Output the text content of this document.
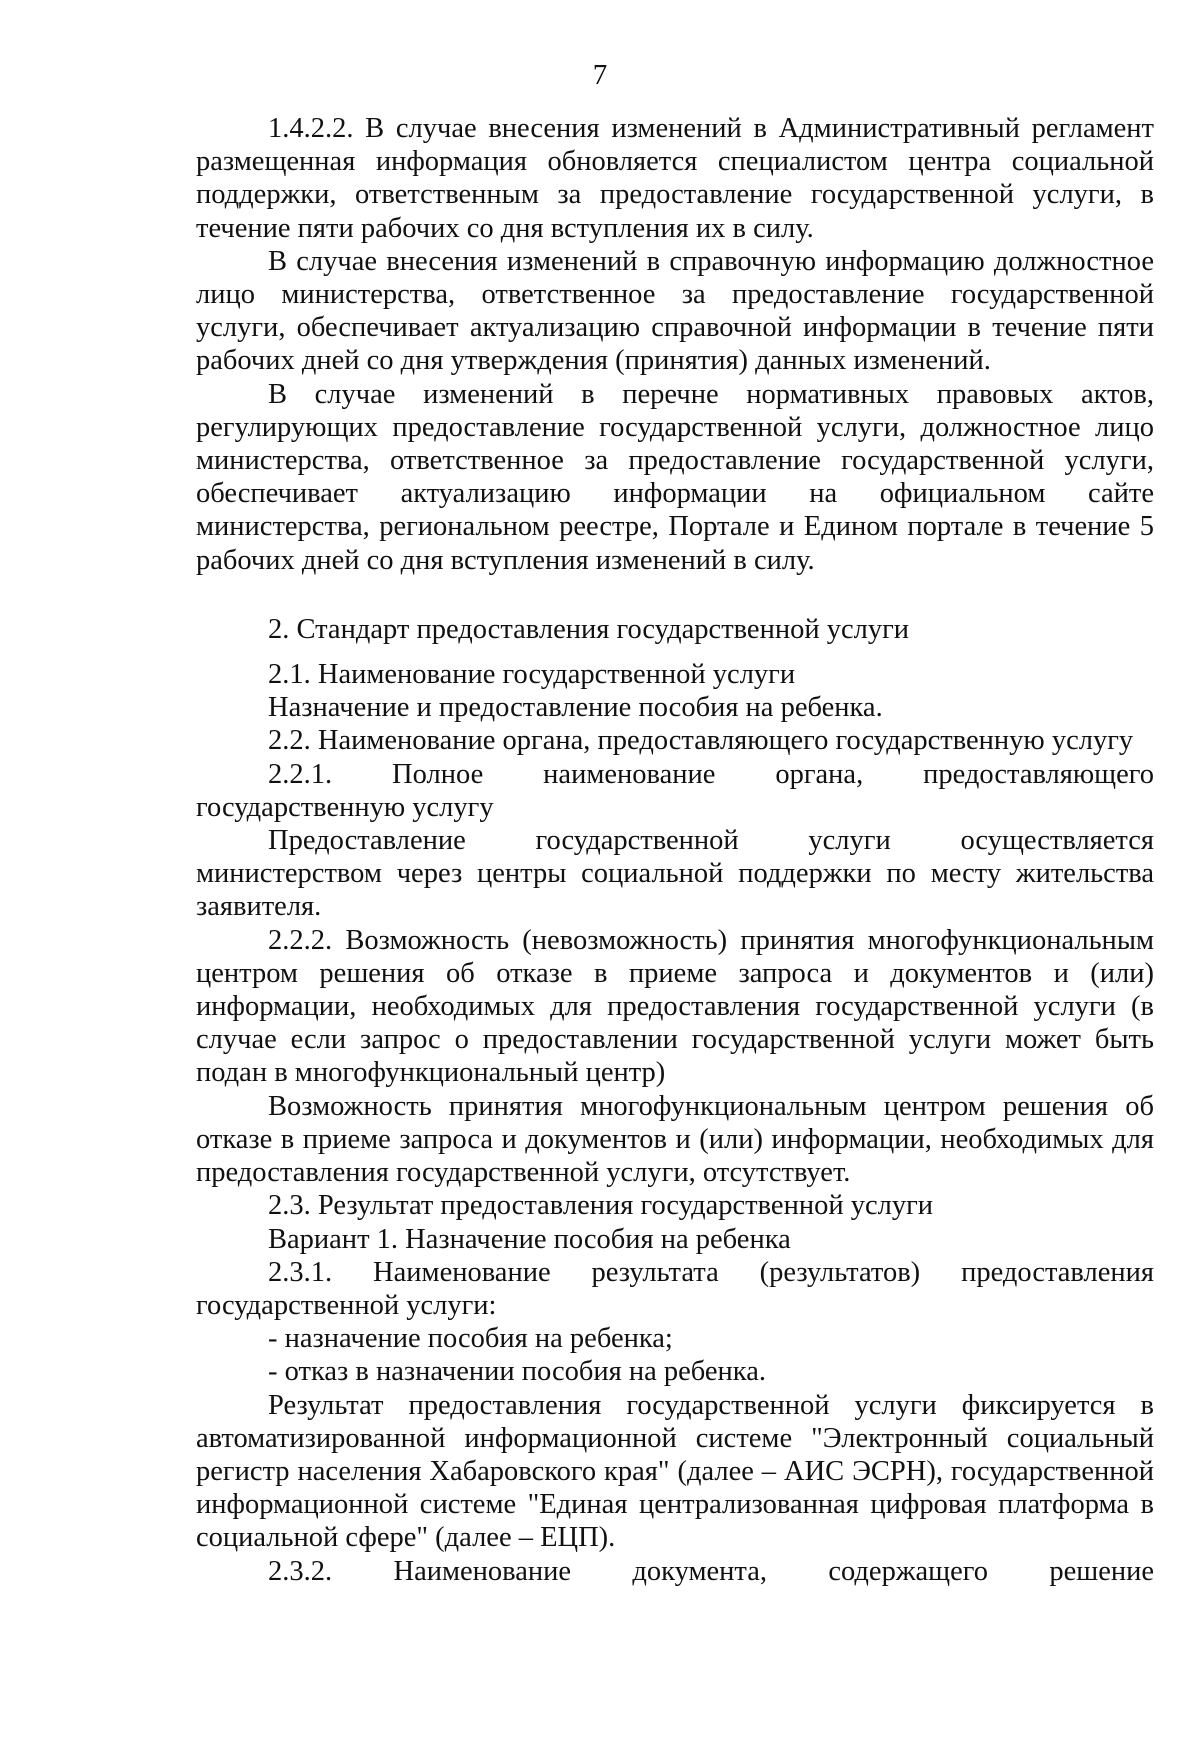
7

1.4.2.2. В случае внесения изменений в Административный регламент размещенная информация обновляется специалистом центра социальной поддержки, ответственным за предоставление государственной услуги, в течение пяти рабочих со дня вступления их в силу.

В случае внесения изменений в справочную информацию должностное лицо министерства, ответственное за предоставление государственной услуги, обеспечивает актуализацию справочной информации в течение пяти рабочих дней со дня утверждения (принятия) данных изменений.

В случае изменений в перечне нормативных правовых актов, регулирующих предоставление государственной услуги, должностное лицо министерства, ответственное за предоставление государственной услуги, обеспечивает актуализацию информации на официальном сайте министерства, региональном реестре, Портале и Едином портале в течение 5 рабочих дней со дня вступления изменений в силу.

2. Стандарт предоставления государственной услуги

2.1. Наименование государственной услуги

Назначение и предоставление пособия на ребенка.

2.2. Наименование органа, предоставляющего государственную услугу

2.2.1. Полное наименование органа, предоставляющего государственную услугу

Предоставление государственной услуги осуществляется министерством через центры социальной поддержки по месту жительства заявителя.

2.2.2. Возможность (невозможность) принятия многофункциональным центром решения об отказе в приеме запроса и документов и (или) информации, необходимых для предоставления государственной услуги (в случае если запрос о предоставлении государственной услуги может быть подан в многофункциональный центр)

Возможность принятия многофункциональным центром решения об отказе в приеме запроса и документов и (или) информации, необходимых для предоставления государственной услуги, отсутствует.

2.3. Результат предоставления государственной услуги

Вариант 1. Назначение пособия на ребенка

2.3.1. Наименование результата (результатов) предоставления государственной услуги:

- назначение пособия на ребенка;

- отказ в назначении пособия на ребенка.

Результат предоставления государственной услуги фиксируется в автоматизированной информационной системе "Электронный социальный регистр населения Хабаровского края" (далее – АИС ЭСРН), государственной информационной системе "Единая централизованная цифровая платформа в социальной сфере" (далее – ЕЦП).

2.3.2. Наименование документа, содержащего решение
